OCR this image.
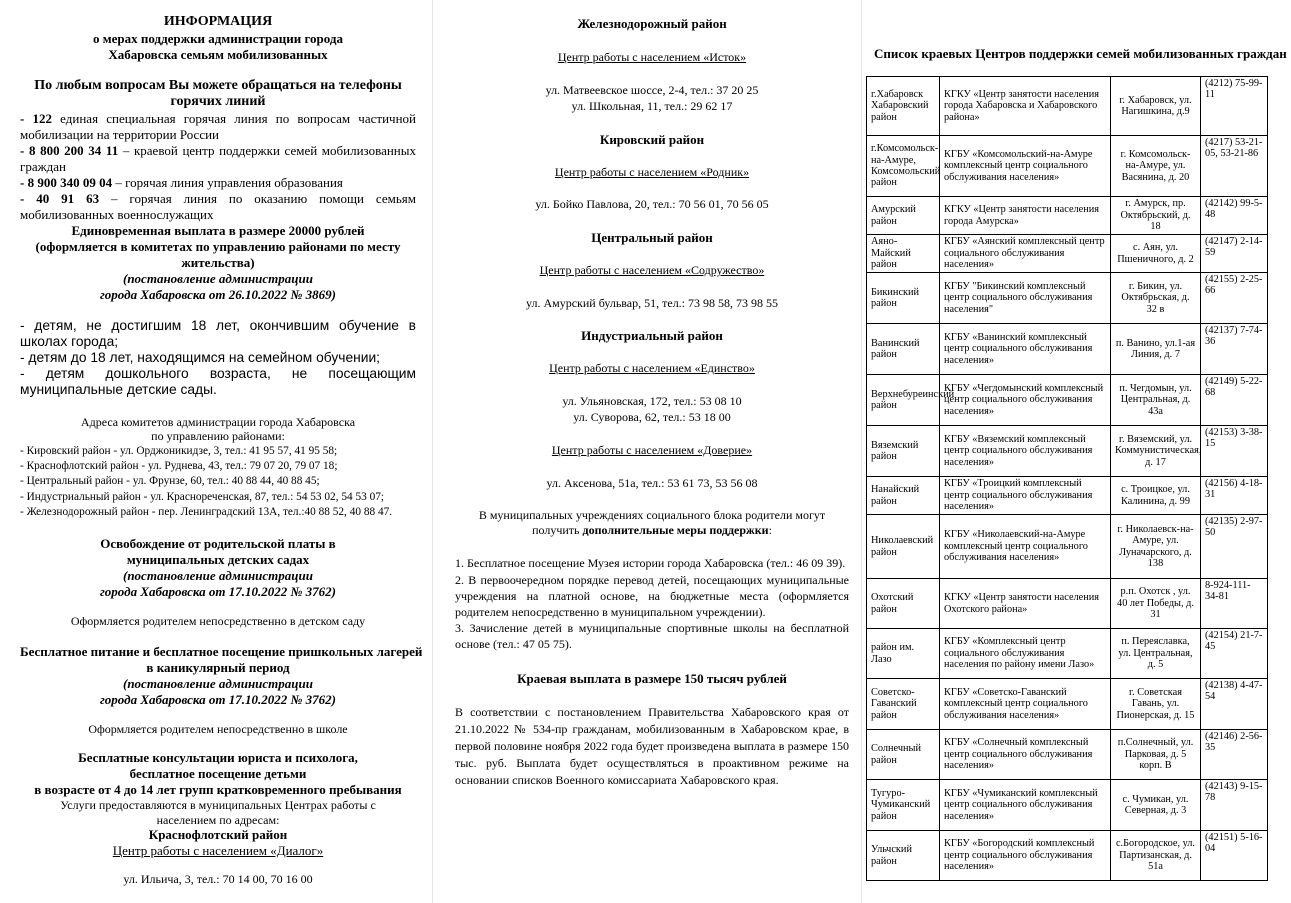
ИНФОРМАЦИЯ

о мерах поддержки администрации города Хабаровска семьям мобилизованных

По любым вопросам Вы можете обращаться на телефоны горячих линий

- 122 единая специальная горячая линия по вопросам частичной мобилизации на территории России

- 8 800 200 34 11 – краевой центр поддержки семей мобилизованных граждан

- 8 900 340 09 04 – горячая линия управления образования

- 40 91 63 – горячая линия по оказанию помощи семьям мобилизованных военнослужащих

Единовременная выплата в размере 20000 рублей

(оформляется в комитетах по управлению районами по месту жительства)

(постановление администрации

города Хабаровска от 26.10.2022 № 3869)

- детям, не достигшим 18 лет, окончившим обучение в школах города;

- детям до 18 лет, находящимся на семейном обучении;

- детям дошкольного возраста, не посещающим муниципальные детские сады.

Адреса комитетов администрации города Хабаровска

по управлению районами:

- Кировский район - ул. Орджоникидзе, 3, тел.: 41 95 57, 41 95 58;

- Краснофлотский район - ул. Руднева, 43, тел.: 79 07 20, 79 07 18;

- Центральный район - ул. Фрунзе, 60, тел.: 40 88 44, 40 88 45;

- Индустриальный район - ул. Краснореченская, 87, тел.: 54 53 02, 54 53 07;

- Железнодорожный район - пер. Ленинградский 13А, тел.:40 88 52, 40 88 47.

Освобождение от родительской платы в

муниципальных детских садах

(постановление администрации

города Хабаровска от 17.10.2022 № 3762)

Оформляется родителем непосредственно в детском саду

Бесплатное питание и бесплатное посещение пришкольных лагерей

в каникулярный период

(постановление администрации

города Хабаровска от 17.10.2022 № 3762)

Оформляется родителем непосредственно в школе

Бесплатные консультации юриста и психолога,

бесплатное посещение детьми

в возрасте от 4 до 14 лет групп кратковременного пребывания

Услуги предоставляются в муниципальных Центрах работы с населением по адресам:

Краснофлотский район

Центр работы с населением «Диалог»

ул. Ильича, 3, тел.: 70 14 00, 70 16 00

Железнодорожный район

Центр работы с населением «Исток»

ул. Матвеевское шоссе, 2-4, тел.: 37 20 25

ул. Школьная, 11, тел.: 29 62 17

Кировский район

Центр работы с населением «Родник»

ул. Бойко Павлова, 20, тел.: 70 56 01, 70 56 05

Центральный район

Центр работы с населением «Содружество»

ул. Амурский бульвар, 51, тел.: 73 98 58, 73 98 55

Индустриальный район

Центр работы с населением «Единство»

ул. Ульяновская, 172, тел.: 53 08 10

ул. Суворова, 62, тел.: 53 18 00

Центр работы с населением «Доверие»

ул. Аксенова, 51а, тел.: 53 61 73, 53 56 08

В муниципальных учреждениях социального блока родители могут

получить дополнительные меры поддержки:

1. Бесплатное посещение Музея истории города Хабаровска (тел.: 46 09 39).

2. В первоочередном порядке перевод детей, посещающих муниципальные учреждения на платной основе, на бюджетные места (оформляется родителем непосредственно в муниципальном учреждении).

3. Зачисление детей в муниципальные спортивные школы на бесплатной основе (тел.: 47 05 75).

Краевая выплата в размере 150 тысяч рублей

В соответствии с постановлением Правительства Хабаровского края от 21.10.2022 № 534-пр гражданам, мобилизованным в Хабаровском крае, в первой половине ноября 2022 года будет произведена выплата в размере 150 тыс. руб. Выплата будет осуществляться в проактивном режиме на основании списков Военного комиссариата Хабаровского края.

Список краевых Центров поддержки семей мобилизованных граждан

г.Хабаровск Хабаровский район	КГКУ «Центр занятости населения города Хабаровска и Хабаровского района»	г. Хабаровск, ул. Нагишкина, д.9	(4212) 75-99-11
г.Комсомольск-на-Амуре, Комсомольский район	КГБУ «Комсомольский-на-Амуре комплексный центр социального обслуживания населения»	г. Комсомольск-на-Амуре, ул. Васянина, д. 20	(4217) 53-21-05, 53-21-86
Амурский район	КГКУ «Центр занятости населения города Амурска»	г. Амурск, пр. Октябрьский, д. 18	(42142) 99-5-48
Аяно-Майский район	КГБУ «Аянский комплексный центр социального обслуживания населения»	с. Аян, ул. Пшеничного, д. 2	(42147) 2-14-59
Бикинский район	КГБУ "Бикинский комплексный центр социального обслуживания населения"	г. Бикин, ул. Октябрьская, д. 32 в	(42155) 2-25-66
Ванинский район	КГБУ «Ванинский комплексный центр социального обслуживания населения»	п. Ванино, ул.1-ая Линия, д. 7	(42137) 7-74-36
Верхнебуреинский район	КГБУ «Чегдомынский комплексный центр социального обслуживания населения»	п. Чегдомын, ул. Центральная, д. 43а	(42149) 5-22-68
Вяземский район	КГБУ «Вяземский комплексный центр социального обслуживания населения»	г. Вяземский, ул. Коммунистическая, д. 17	(42153) 3-38-15
Нанайский район	КГБУ «Троицкий комплексный центр социального обслуживания населения»	с. Троицкое, ул. Калинина, д. 99	(42156) 4-18-31
Николаевский район	КГБУ «Николаевский-на-Амуре комплексный центр социального обслуживания населения»	г. Николаевск-на-Амуре, ул. Луначарского, д. 138	(42135) 2-97-50
Охотский район	КГКУ «Центр занятости населения Охотского района»	р.п. Охотск , ул. 40 лет Победы, д. 31	8-924-111-34-81
район им. Лазо	КГБУ «Комплексный центр социального обслуживания населения по району имени Лазо»	п. Переяславка, ул. Центральная, д. 5	(42154) 21-7-45
Советско-Гаванский район	КГБУ «Советско-Гаванский комплексный центр социального обслуживания населения»	г. Советская Гавань, ул. Пионерская, д. 15	(42138) 4-47-54
Солнечный район	КГБУ «Солнечный комплексный центр социального обслуживания населения»	п.Солнечный, ул. Парковая, д. 5 корп. В	(42146) 2-56-35
Тугуро-Чумиканский район	КГБУ «Чумиканский комплексный центр социального обслуживания населения»	с. Чумикан, ул. Северная, д. 3	(42143) 9-15-78
Ульчский район	КГБУ «Богородский комплексный центр социального обслуживания населения»	с.Богородское, ул. Партизанская, д. 51а	(42151) 5-16-04
